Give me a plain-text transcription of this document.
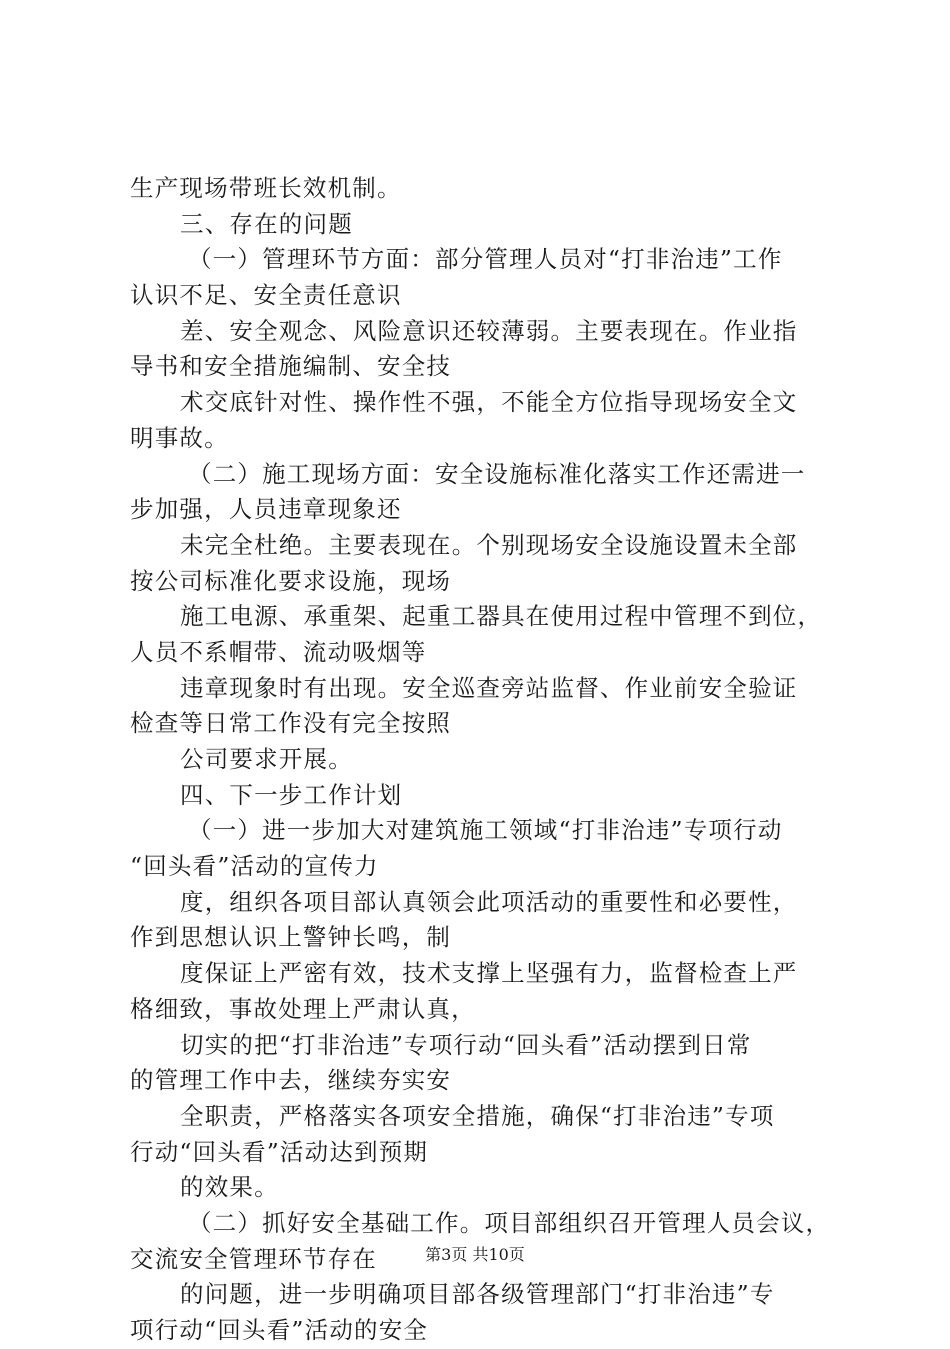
生产现场带班长效机制。
三、存在的问题
（一）管理环节方面：部分管理人员对“打非治违”工作
认识不足、安全责任意识
差、安全观念、风险意识还较薄弱。主要表现在。作业指
导书和安全措施编制、安全技
术交底针对性、操作性不强，不能全方位指导现场安全文
明事故。
（二）施工现场方面：安全设施标准化落实工作还需进一
步加强，人员违章现象还
未完全杜绝。主要表现在。个别现场安全设施设置未全部
按公司标准化要求设施，现场
施工电源、承重架、起重工器具在使用过程中管理不到位，
人员不系帽带、流动吸烟等
违章现象时有出现。安全巡查旁站监督、作业前安全验证
检查等日常工作没有完全按照
公司要求开展。
四、下一步工作计划
（一）进一步加大对建筑施工领域“打非治违”专项行动
“回头看”活动的宣传力
度，组织各项目部认真领会此项活动的重要性和必要性，
作到思想认识上警钟长鸣，制
度保证上严密有效，技术支撑上坚强有力，监督检查上严
格细致，事故处理上严肃认真，
切实的把“打非治违”专项行动“回头看”活动摆到日常
的管理工作中去，继续夯实安
全职责，严格落实各项安全措施，确保“打非治违”专项
行动“回头看”活动达到预期
的效果。
（二）抓好安全基础工作。项目部组织召开管理人员会议，
交流安全管理环节存在
的问题，进一步明确项目部各级管理部门“打非治违”专
项行动“回头看”活动的安全
第3页 共10页
